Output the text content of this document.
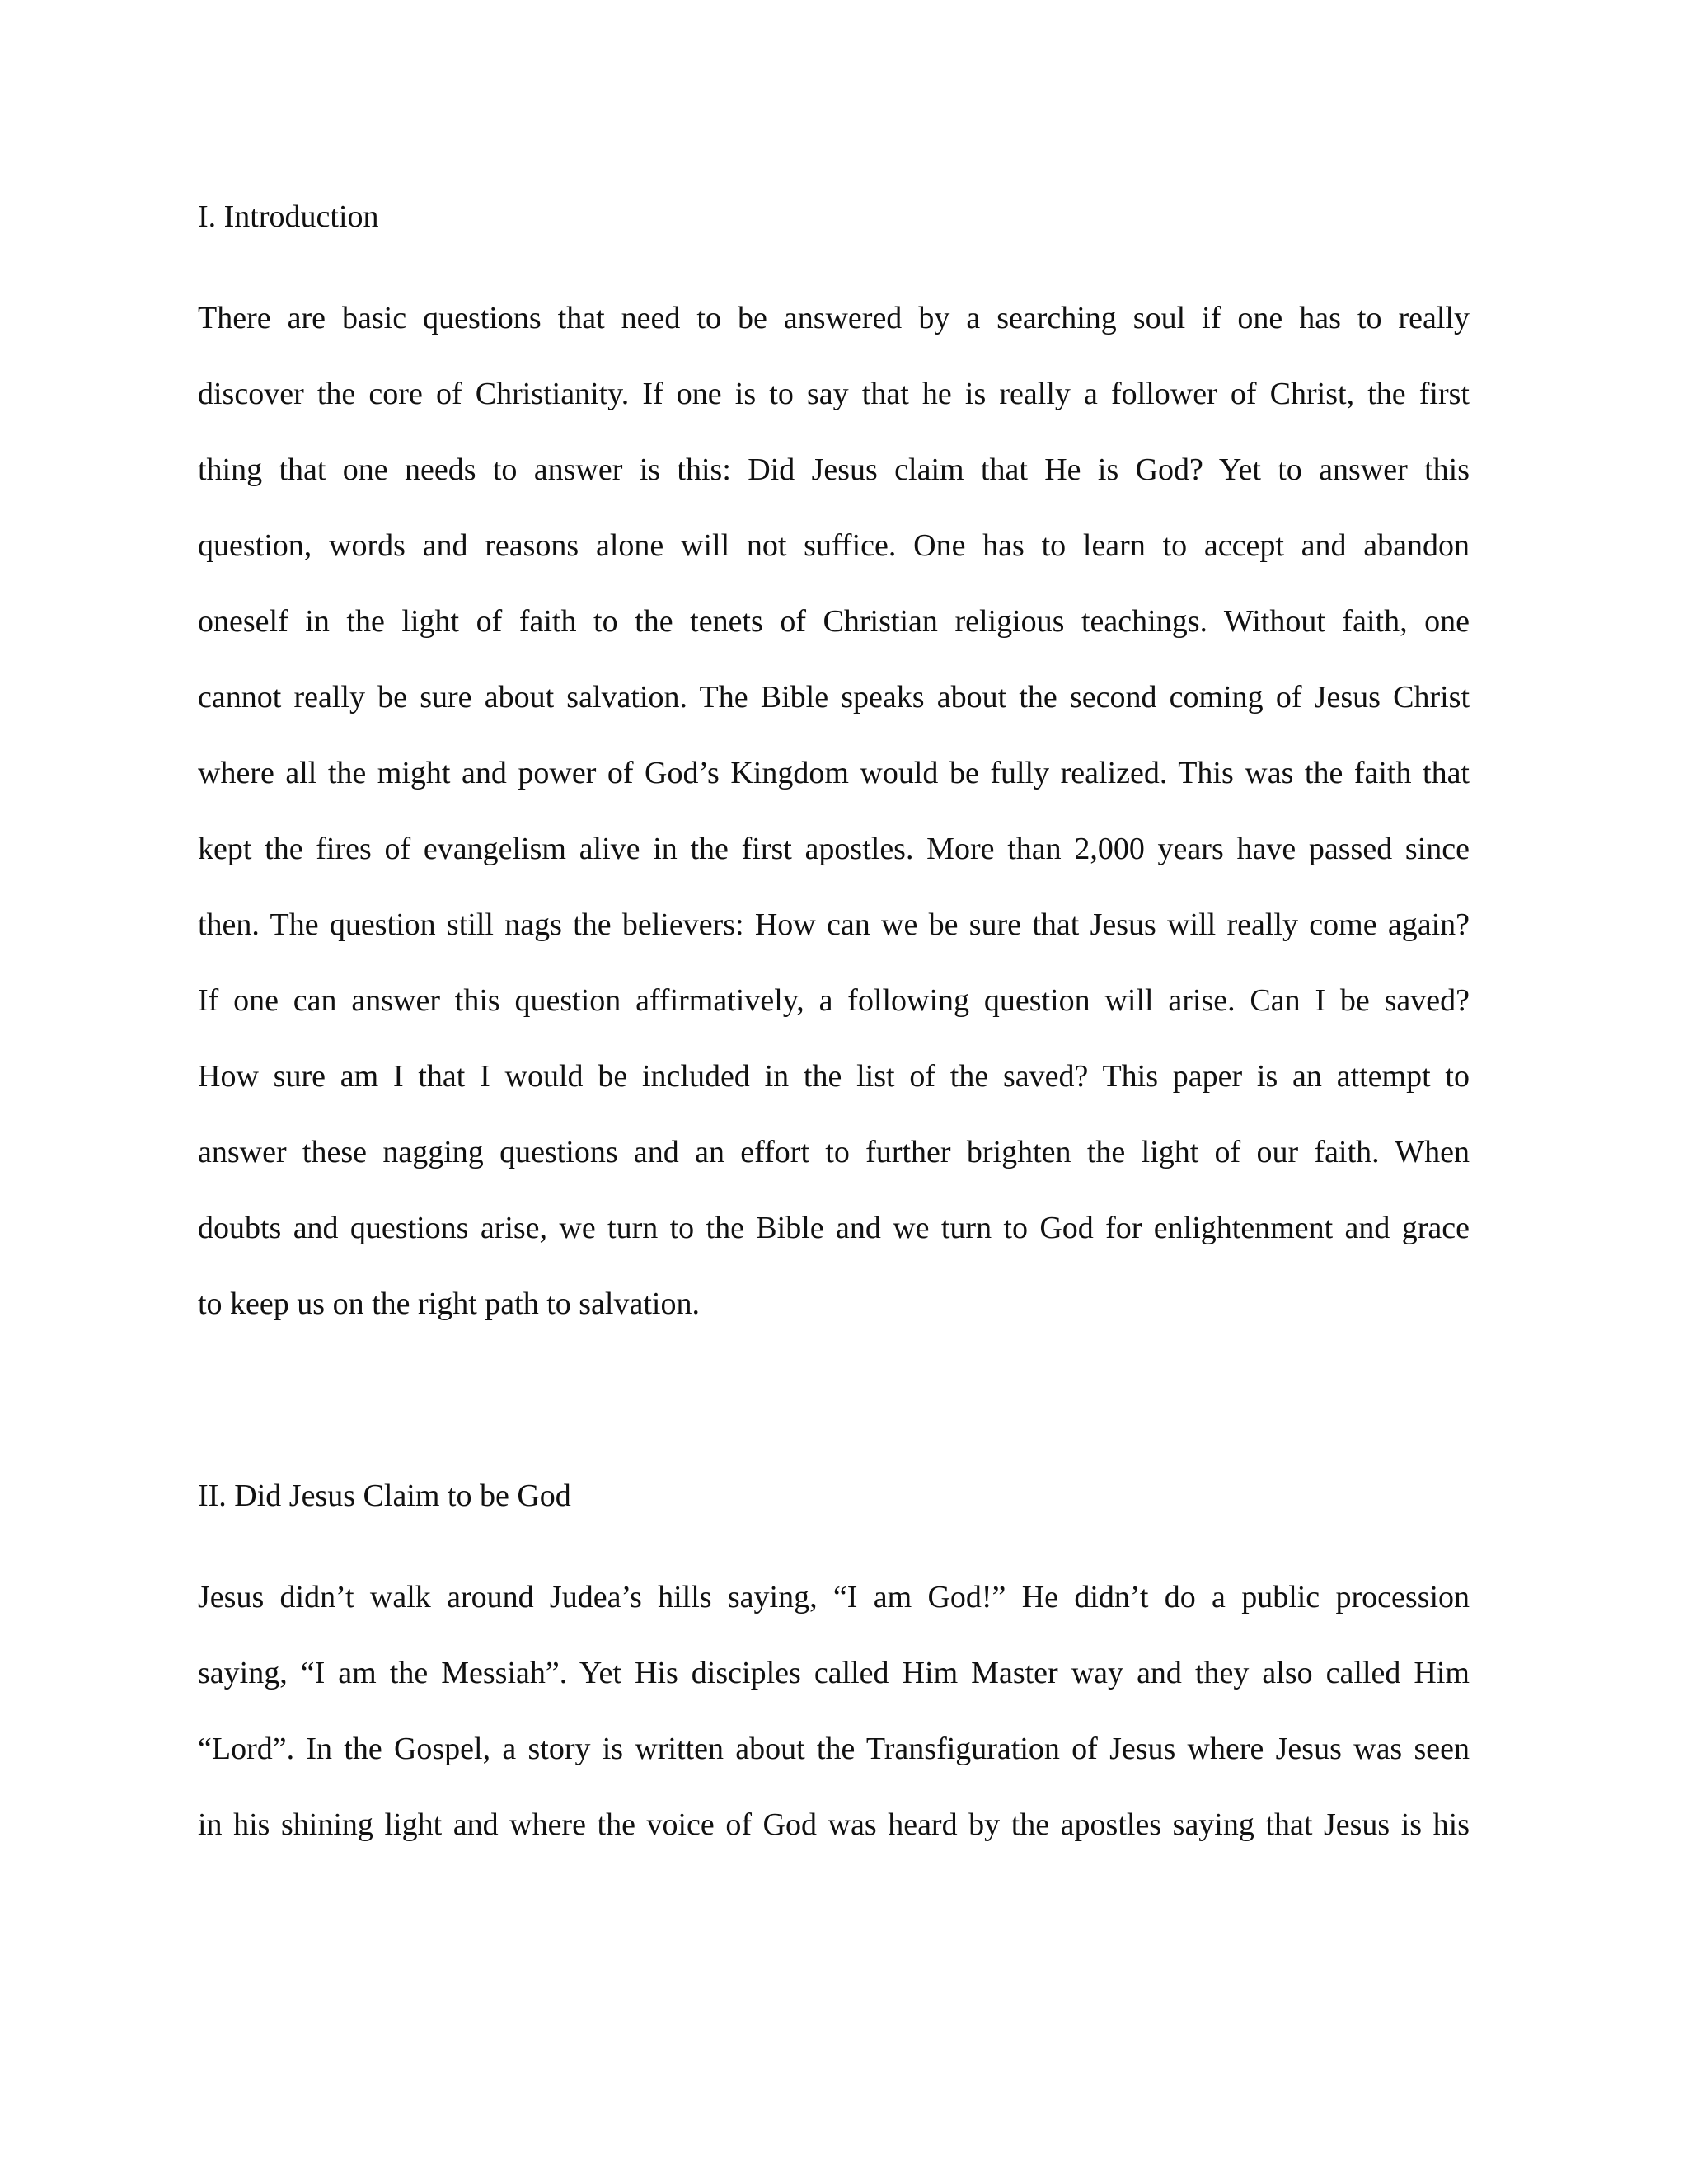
I. Introduction
There are basic questions that need to be answered by a searching soul if one has to really
discover the core of Christianity. If one is to say that he is really a follower of Christ, the first
thing that one needs to answer is this: Did Jesus claim that He is God? Yet to answer this
question, words and reasons alone will not suffice. One has to learn to accept and abandon
oneself in the light of faith to the tenets of Christian religious teachings. Without faith, one
cannot really be sure about salvation. The Bible speaks about the second coming of Jesus Christ
where all the might and power of God’s Kingdom would be fully realized. This was the faith that
kept the fires of evangelism alive in the first apostles. More than 2,000 years have passed since
then. The question still nags the believers: How can we be sure that Jesus will really come again?
If one can answer this question affirmatively, a following question will arise. Can I be saved?
How sure am I that I would be included in the list of the saved? This paper is an attempt to
answer these nagging questions and an effort to further brighten the light of our faith. When
doubts and questions arise, we turn to the Bible and we turn to God for enlightenment and grace
to keep us on the right path to salvation.
II. Did Jesus Claim to be God
Jesus didn’t walk around Judea’s hills saying, “I am God!” He didn’t do a public procession
saying, “I am the Messiah”. Yet His disciples called Him Master way and they also called Him
“Lord”. In the Gospel, a story is written about the Transfiguration of Jesus where Jesus was seen
in his shining light and where the voice of God was heard by the apostles saying that Jesus is his
